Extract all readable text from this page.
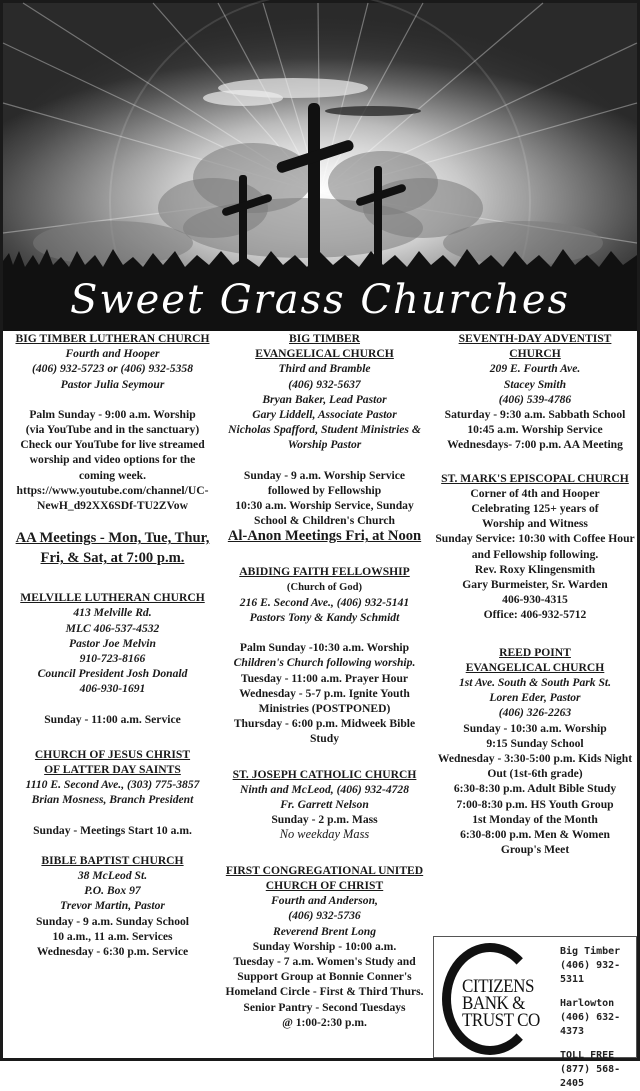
Sweet Grass Churches
BIG TIMBER LUTHERAN CHURCH
Fourth and Hooper
(406) 932-5723 or (406) 932-5358
Pastor Julia Seymour
Palm Sunday - 9:00 a.m. Worship
(via YouTube and in the sanctuary)
Check our YouTube for live streamed
worship and video options for the
coming week.
https://www.youtube.com/channel/UC-
NewH_d92XX6SDf-TU2ZVow
AA Meetings - Mon, Tue, Thur,
Fri, & Sat, at 7:00 p.m.
MELVILLE LUTHERAN CHURCH
413 Melville Rd.
MLC 406-537-4532
Pastor Joe Melvin
910-723-8166
Council President Josh Donald
406-930-1691
Sunday - 11:00 a.m. Service
CHURCH OF JESUS CHRIST
OF LATTER DAY SAINTS
1110 E. Second Ave., (303) 775-3857
Brian Mosness, Branch President
Sunday - Meetings Start 10 a.m.
BIBLE BAPTIST CHURCH
38 McLeod St.
P.O. Box 97
Trevor Martin, Pastor
Sunday - 9 a.m. Sunday School
10 a.m., 11 a.m. Services
Wednesday - 6:30 p.m. Service
BIG TIMBER
EVANGELICAL CHURCH
Third and Bramble
(406) 932-5637
Bryan Baker, Lead Pastor
Gary Liddell, Associate Pastor
Nicholas Spafford, Student Ministries &
Worship Pastor
Sunday - 9 a.m. Worship Service
followed by Fellowship
10:30 a.m. Worship Service, Sunday
School & Children's Church
Al-Anon Meetings Fri, at Noon
ABIDING FAITH FELLOWSHIP
(Church of God)
216 E. Second Ave., (406) 932-5141
Pastors Tony & Kandy Schmidt
Palm Sunday -10:30 a.m. Worship
Children's Church following worship.
Tuesday - 11:00 a.m. Prayer Hour
Wednesday - 5-7 p.m. Ignite Youth
Ministries (POSTPONED)
Thursday - 6:00 p.m. Midweek Bible
Study
ST. JOSEPH CATHOLIC CHURCH
Ninth and McLeod, (406) 932-4728
Fr. Garrett Nelson
Sunday - 2 p.m. Mass
No weekday Mass
FIRST CONGREGATIONAL UNITED
CHURCH OF CHRIST
Fourth and Anderson,
(406) 932-5736
Reverend Brent Long
Sunday Worship - 10:00 a.m.
Tuesday - 7 a.m. Women's Study and
Support Group at Bonnie Conner's
Homeland Circle - First & Third Thurs.
Senior Pantry - Second Tuesdays
@ 1:00-2:30 p.m.
SEVENTH-DAY ADVENTIST
CHURCH
209 E. Fourth Ave.
Stacey Smith
(406) 539-4786
Saturday - 9:30 a.m. Sabbath School
10:45 a.m. Worship Service
Wednesdays- 7:00 p.m. AA Meeting
ST. MARK'S EPISCOPAL CHURCH
Corner of 4th and Hooper
Celebrating 125+ years of
Worship and Witness
Sunday Service: 10:30 with Coffee Hour
and Fellowship following.
Rev. Roxy Klingensmith
Gary Burmeister, Sr. Warden
406-930-4315
Office: 406-932-5712
REED POINT
EVANGELICAL CHURCH
1st Ave. South & South Park St.
Loren Eder, Pastor
(406) 326-2263
Sunday - 10:30 a.m. Worship
9:15 Sunday School
Wednesday - 3:30-5:00 p.m. Kids Night
Out (1st-6th grade)
6:30-8:30 p.m. Adult Bible Study
7:00-8:30 p.m. HS Youth Group
1st Monday of the Month
6:30-8:00 p.m. Men & Women
Group's Meet
CITIZENS
BANK &
TRUST CO
Big Timber
(406) 932-5311
Harlowton
(406) 632-4373
TOLL FREE
(877) 568-2405
